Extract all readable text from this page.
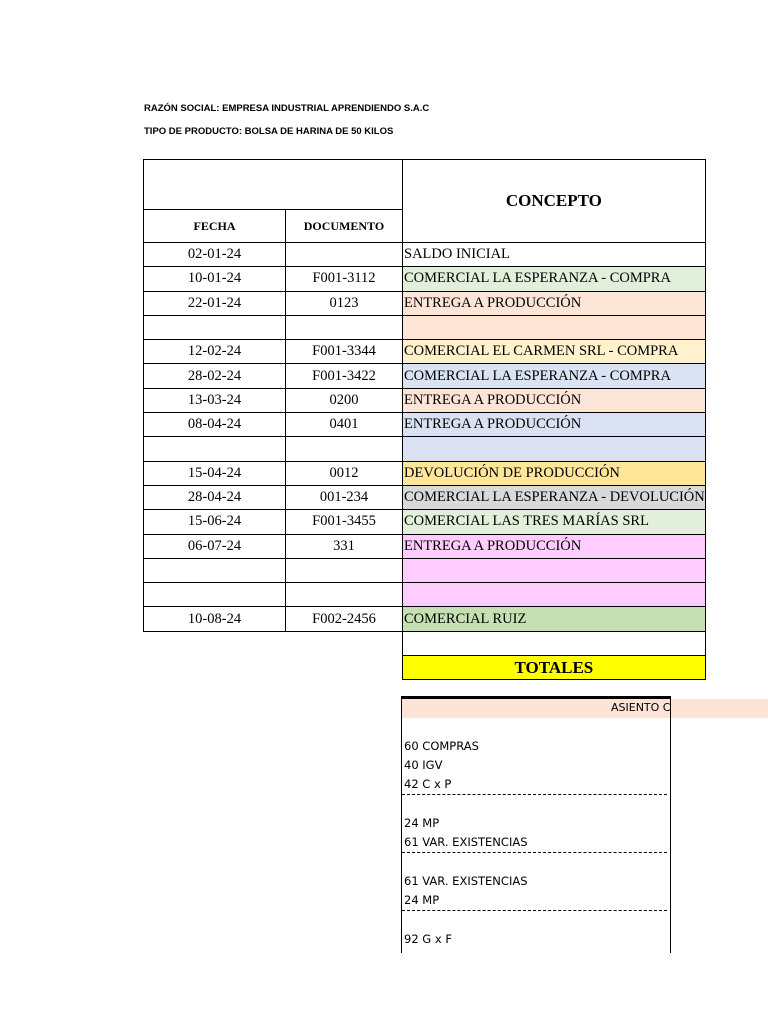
RAZÓN SOCIAL: EMPRESA INDUSTRIAL APRENDIENDO S.A.C
TIPO DE PRODUCTO: BOLSA DE HARINA DE 50 KILOS
		CONCEPTO
FECHA	DOCUMENTO	
02-01-24		SALDO INICIAL
10-01-24	F001-3112	COMERCIAL LA ESPERANZA - COMPRA
22-01-24	0123	ENTREGA A PRODUCCIÓN

12-02-24	F001-3344	COMERCIAL EL CARMEN SRL - COMPRA
28-02-24	F001-3422	COMERCIAL LA ESPERANZA - COMPRA
13-03-24	0200	ENTREGA A PRODUCCIÓN
08-04-24	0401	ENTREGA A PRODUCCIÓN

15-04-24	0012	DEVOLUCIÓN DE PRODUCCIÓN
28-04-24	001-234	COMERCIAL LA ESPERANZA - DEVOLUCIÓN
15-06-24	F001-3455	COMERCIAL LAS TRES MARÍAS SRL
06-07-24	331	ENTREGA A PRODUCCIÓN

10-08-24	F002-2456	COMERCIAL RUIZ

		TOTALES
ASIENTO C
60 COMPRAS
40 IGV
42 C x P
24 MP
61 VAR. EXISTENCIAS
61 VAR. EXISTENCIAS
24 MP
92 G x F
